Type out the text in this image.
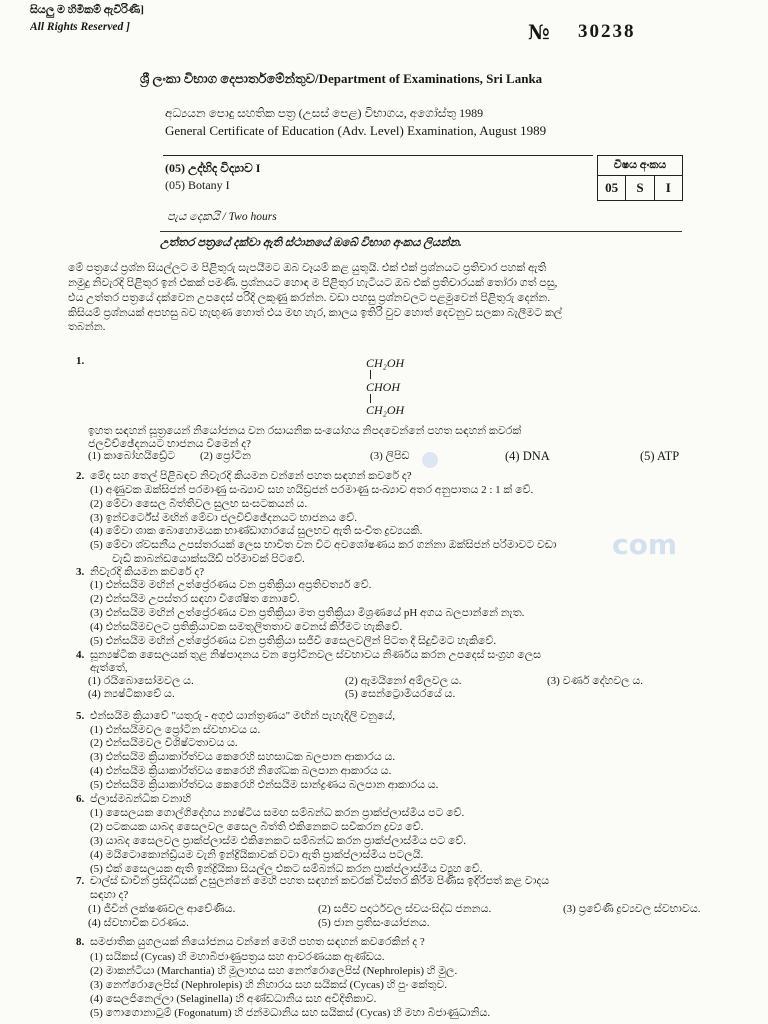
සියලු ම හිමිකම් ඇවිරිණි]
All Rights Reserved ]	№	30238
ශ්‍රී ලංකා විභාග දෙපාර්තමේන්තුව/Department of Examinations, Sri Lanka
අධ්‍යයන පොදු සහතික පත්‍ර (උසස් පෙළ) විභාගය, අගෝස්තු 1989
General Certificate of Education (Adv. Level) Examination, August 1989
(05) උද්භිද විද්‍යාව I
(05) Botany I
විෂය අංකය
05	S	I
පැය දෙකයි / Two hours
උත්තර පත්‍රයේ දක්වා ඇති ස්ථානයේ ඔබේ විභාග අංකය ලියන්න.
මේ පත්‍රයේ ප්‍රශ්න සියල්ලට ම පිළිතුරු සැපයීමට ඔබ වෑයම් කළ යුතුයි. එක් එක් ප්‍රශ්නයට ප්‍රතිචාර පහක් ඇති
නමුදු නිවැරදි පිළිතුර ඉන් එකක් පමණි. ප්‍රශ්නයට හොඳ ම පිළිතුර හැටියට ඔබ එක් ප්‍රතිචාරයක් තෝරා ගත් පසු,
එය උත්තර පත්‍රයේ දක්වෙන උපදෙස් පරිදි ලකුණු කරන්න. වඩා පහසු ප්‍රශ්නවලට පළමුවෙන් පිළිතුරු දෙන්න.
කිසියම් ප්‍රශ්නයක් අපහසු බව හැඟුණ හොත් එය මඟ හැර, කාලය ඉතිරි වුව හොත් දෙවනුව සලකා බැලීමට කල්
තබන්න.
1.	CH₂OH
CHOH
CH₂OH
ඉහත සඳහන් සූත්‍රයෙන් නියෝජනය වන රසායනික සංයෝගය නිපදවෙන්නේ පහත සඳහන් කවරක්
ජලවිච්ඡේදනයට භාජනය වීමෙන් ද?
(1) කාබෝහයිඩ්‍රේට	(2) ප්‍රෝටීන	(3) ලිපිඩ	(4) DNA	(5) ATP
2. මේද සහ තෙල් පිළිබඳව නිවැරදි කියමන වන්නේ පහත සඳහන් කවරේ ද?
(1) අණුවක ඔක්සිජන් පරමාණු සංඛ්‍යාව සහ හයිඩ්‍රජන් පරමාණු සංඛ්‍යාව අතර අනුපාතය 2 : 1 ක් වේ.
(2) මේවා සෛල බිත්තිවල සුලභ සංඝටකයන් ය.
(3) ඉන්වර්ටේස් මඟින් මේවා ජලවිච්ඡේදනයට භාජනය වේ.
(4) මේවා ශාක බොහොමයක භාණ්ඩාගාරයේ සුලභව ඇති සංචිත ද්‍රව්‍යයකි.
(5) මේවා ශ්වසනීය උපස්තරයක් ලෙස භාවිත වන විට අවශෝෂණය කර ගන්නා ඔක්සිජන් පරිමාවට වඩා
වැඩි කාබන්ඩයොක්සයිඩ් පරිමාවක් පිටවේ.
3. නිවැරදි කියමන කවරේ ද?
(1) එන්සයිම මඟින් උත්ප්‍රේරණය වන ප්‍රතික්‍රියා අප්‍රතිවර්ත්‍ය වේ.
(2) එන්සයිම උපස්තර සඳහා විශේෂිත නොවේ.
(3) එන්සයිම මඟින් උත්ප්‍රේරණය වන ප්‍රතික්‍රියා මත ප්‍රතික්‍රියා මිශ්‍රණයේ pH අගය බලපාන්නේ නැත.
(4) එන්සයිමවලට ප්‍රතික්‍රියාවක සමතුලිතතාව වෙනස් කිරීමට හැකිවේ.
(5) එන්සයිම මඟින් උත්ප්‍රේරණය වන ප්‍රතික්‍රියා සජීවී සෛලවලින් පිටත දී සිදුවීමට හැකිවේ.
4. සූන්‍යෂ්ටික සෛලයක් තුළ නිෂ්පාදනය වන ප්‍රෝටීනවල ස්වභාවය නිර්ණය කරන උපදෙස් සංග්‍රහ ලෙස
ඇත්තේ,
(1) රයිබොසෝමවල ය.	(2) ඇමයිනෝ අම්ලවල ය.	(3) වර්ණ දේහවල ය.
(4) න්‍යෂ්ටිකාවේ ය.	(5) සෙන්ට්‍රොමියරයේ ය.
5. එන්සයිම ක්‍රියාවේ "යතුරු - අගුළු යාන්ත්‍රණය" මඟින් පැහැදිලි වනුයේ,
(1) එන්සයිමවල ප්‍රෝටීන ස්වභාවය ය.
(2) එන්සයිමවල විශිෂ්ටතාවය ය.
(3) එන්සයිම ක්‍රියාකාරිත්වය කෙරෙහි සහසාධක බලපාන ආකාරය ය.
(4) එන්සයිම ක්‍රියාකාරිත්වය කෙරෙහි නිශේධක බලපාන ආකාරය ය.
(5) එන්සයිම ක්‍රියාකාරිත්වය කෙරෙහි එන්සයිම සාන්ද්‍රණය බලපාන ආකාරය ය.
6. ප්ලාස්මබන්ධික වනාහි
(1) සෛලයක ගොල්ගිදේහය න්‍යෂ්ටිය සමඟ සම්බන්ධ කරන ප්‍රාක්ප්ලාස්මීය පට වේ.
(2) පටකයක යාබද සෛලවල සෛල බිත්ති එකිනෙකට සවිකරන ද්‍රව්‍ය වේ.
(3) යාබද සෛලවල ප්‍රාක්ප්ලාස්ම එකිනෙකට සම්බන්ධ කරන ප්‍රාක්ප්ලාස්මීය පට වේ.
(4) මයිටොකොන්ඩ්‍රියම වැනි ඉන්ද්‍රියිකාවක් වටා ඇති ප්‍රාක්ප්ලාස්මීය පටලයි.
(5) එක් සෛලයක ඇති ඉන්ද්‍රියිකා සියල්ල එකට සම්බන්ධ කරන ප්‍රාක්ප්ලාස්මීය ව්‍යූහ වේ.
7. චාල්ස් ඩාවින් ප්‍රසිද්ධියක් උසුලන්නේ මෙහි පහත සඳහන් කවරක් විස්තර කිරීම පිණිස ඉදිරිපත් කළ වාදය
සඳහා ද?
(1) ජීවීන් ලක්ෂණවල ආවේණිය.	(2) සජීව පදාර්ථවල ස්වයංසිද්ධ ජනනය.	(3) ප්‍රවේණි ද්‍රව්‍යවල ස්වභාවය.
(4) ස්වභාවික වරණය.	(5) ජාන ප්‍රතිසංයෝජනය.
8. සමජාතික යුගලයක් නියෝජනය වන්නේ මෙහි පහත සඳහන් කවරෙකින් ද ?
(1) සයිකස් (Cycas) හි මහාබීජාණුපත්‍රය සහ ආවරණයක ඇණ්ඩය.
(2) මාකන්ටියා (Marchantia) හි මූලාභය සහ නෙෆ්රොලෙපිස් (Nephrolepis) හි මුල.
(3) නෙෆ්රොලෙපිස් (Nephrolepis) හි නිහාරය සහ සයිකස් (Cycas) හි පුං කේතුව.
(4) සෙලජිනෙල්ලා (Selaginella) හි අණ්ඩධානිය සහ අවිදිතිකාව.
(5) ෆොගොනාටුම් (Fogonatum) හි ජන්මධානිය සහ සයිකස් (Cycas) හි මහා බීජාණුධානිය.
com
